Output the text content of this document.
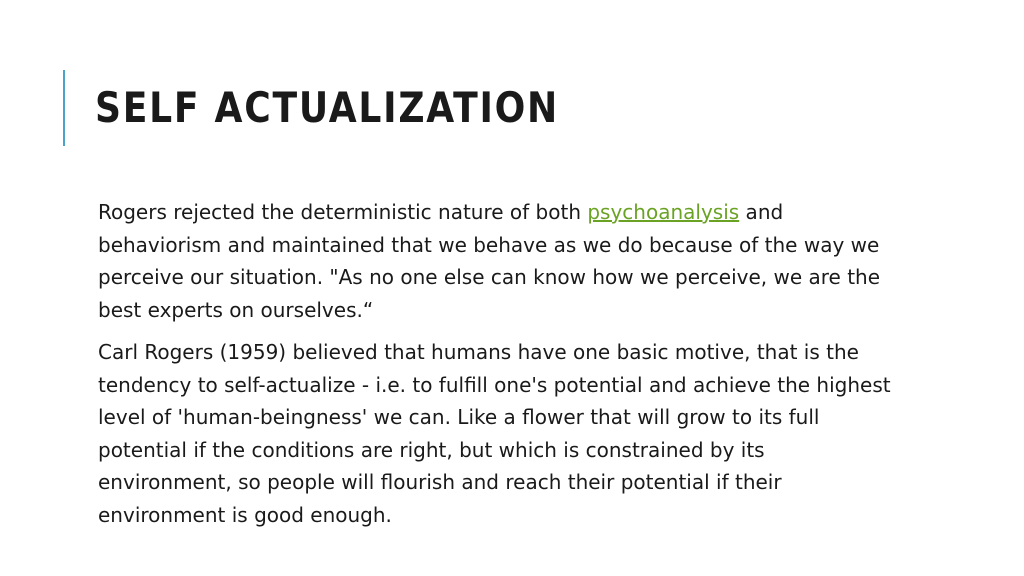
SELF ACTUALIZATION

Rogers rejected the deterministic nature of both psychoanalysis and behaviorism and maintained that we behave as we do because of the way we perceive our situation. "As no one else can know how we perceive, we are the best experts on ourselves.“

Carl Rogers (1959) believed that humans have one basic motive, that is the tendency to self-actualize - i.e. to fulfill one's potential and achieve the highest level of 'human-beingness' we can. Like a flower that will grow to its full potential if the conditions are right, but which is constrained by its environment, so people will flourish and reach their potential if their environment is good enough.
